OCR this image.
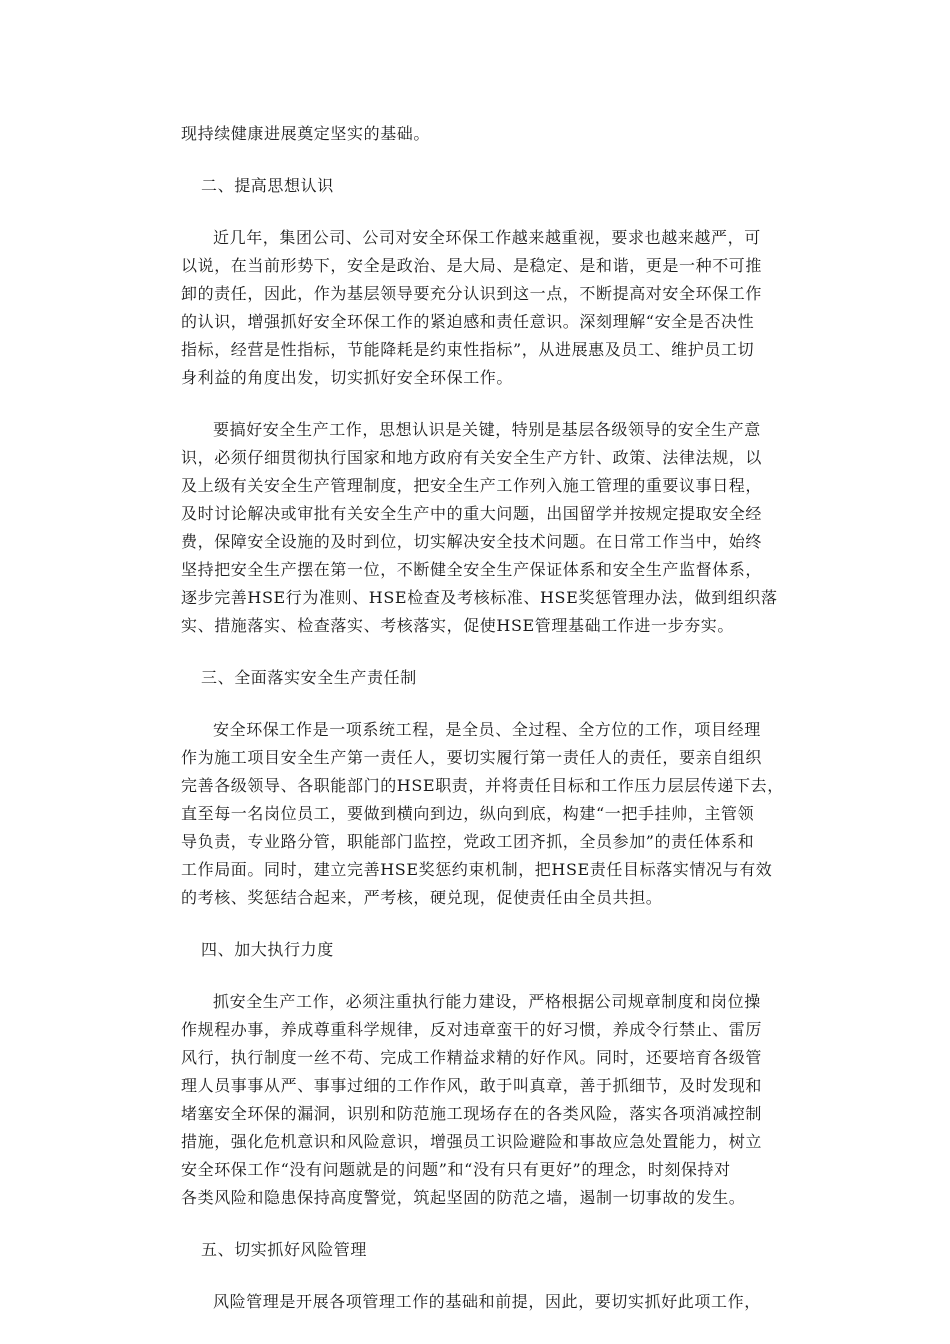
现持续健康进展奠定坚实的基础。
二、提高思想认识
近几年，集团公司、公司对安全环保工作越来越重视，要求也越来越严，可
以说，在当前形势下，安全是政治、是大局、是稳定、是和谐，更是一种不可推
卸的责任，因此，作为基层领导要充分认识到这一点，不断提高对安全环保工作
的认识，增强抓好安全环保工作的紧迫感和责任意识。深刻理解“安全是否决性
指标，经营是性指标，节能降耗是约束性指标”，从进展惠及员工、维护员工切
身利益的角度出发，切实抓好安全环保工作。
要搞好安全生产工作，思想认识是关键，特别是基层各级领导的安全生产意
识，必须仔细贯彻执行国家和地方政府有关安全生产方针、政策、法律法规，以
及上级有关安全生产管理制度，把安全生产工作列入施工管理的重要议事日程，
及时讨论解决或审批有关安全生产中的重大问题，出国留学并按规定提取安全经
费，保障安全设施的及时到位，切实解决安全技术问题。在日常工作当中，始终
坚持把安全生产摆在第一位，不断健全安全生产保证体系和安全生产监督体系，
逐步完善HSE行为准则、HSE检查及考核标准、HSE奖惩管理办法，做到组织落
实、措施落实、检查落实、考核落实，促使HSE管理基础工作进一步夯实。
三、全面落实安全生产责任制
安全环保工作是一项系统工程，是全员、全过程、全方位的工作，项目经理
作为施工项目安全生产第一责任人，要切实履行第一责任人的责任，要亲自组织
完善各级领导、各职能部门的HSE职责，并将责任目标和工作压力层层传递下去，
直至每一名岗位员工，要做到横向到边，纵向到底，构建“一把手挂帅，主管领
导负责，专业路分管，职能部门监控，党政工团齐抓，全员参加”的责任体系和
工作局面。同时，建立完善HSE奖惩约束机制，把HSE责任目标落实情况与有效
的考核、奖惩结合起来，严考核，硬兑现，促使责任由全员共担。
四、加大执行力度
抓安全生产工作，必须注重执行能力建设，严格根据公司规章制度和岗位操
作规程办事，养成尊重科学规律，反对违章蛮干的好习惯，养成令行禁止、雷厉
风行，执行制度一丝不苟、完成工作精益求精的好作风。同时，还要培育各级管
理人员事事从严、事事过细的工作作风，敢于叫真章，善于抓细节，及时发现和
堵塞安全环保的漏洞，识别和防范施工现场存在的各类风险，落实各项消减控制
措施，强化危机意识和风险意识，增强员工识险避险和事故应急处置能力，树立
安全环保工作“没有问题就是的问题”和“没有只有更好”的理念，时刻保持对
各类风险和隐患保持高度警觉，筑起坚固的防范之墙，遏制一切事故的发生。
五、切实抓好风险管理
风险管理是开展各项管理工作的基础和前提，因此，要切实抓好此项工作，
